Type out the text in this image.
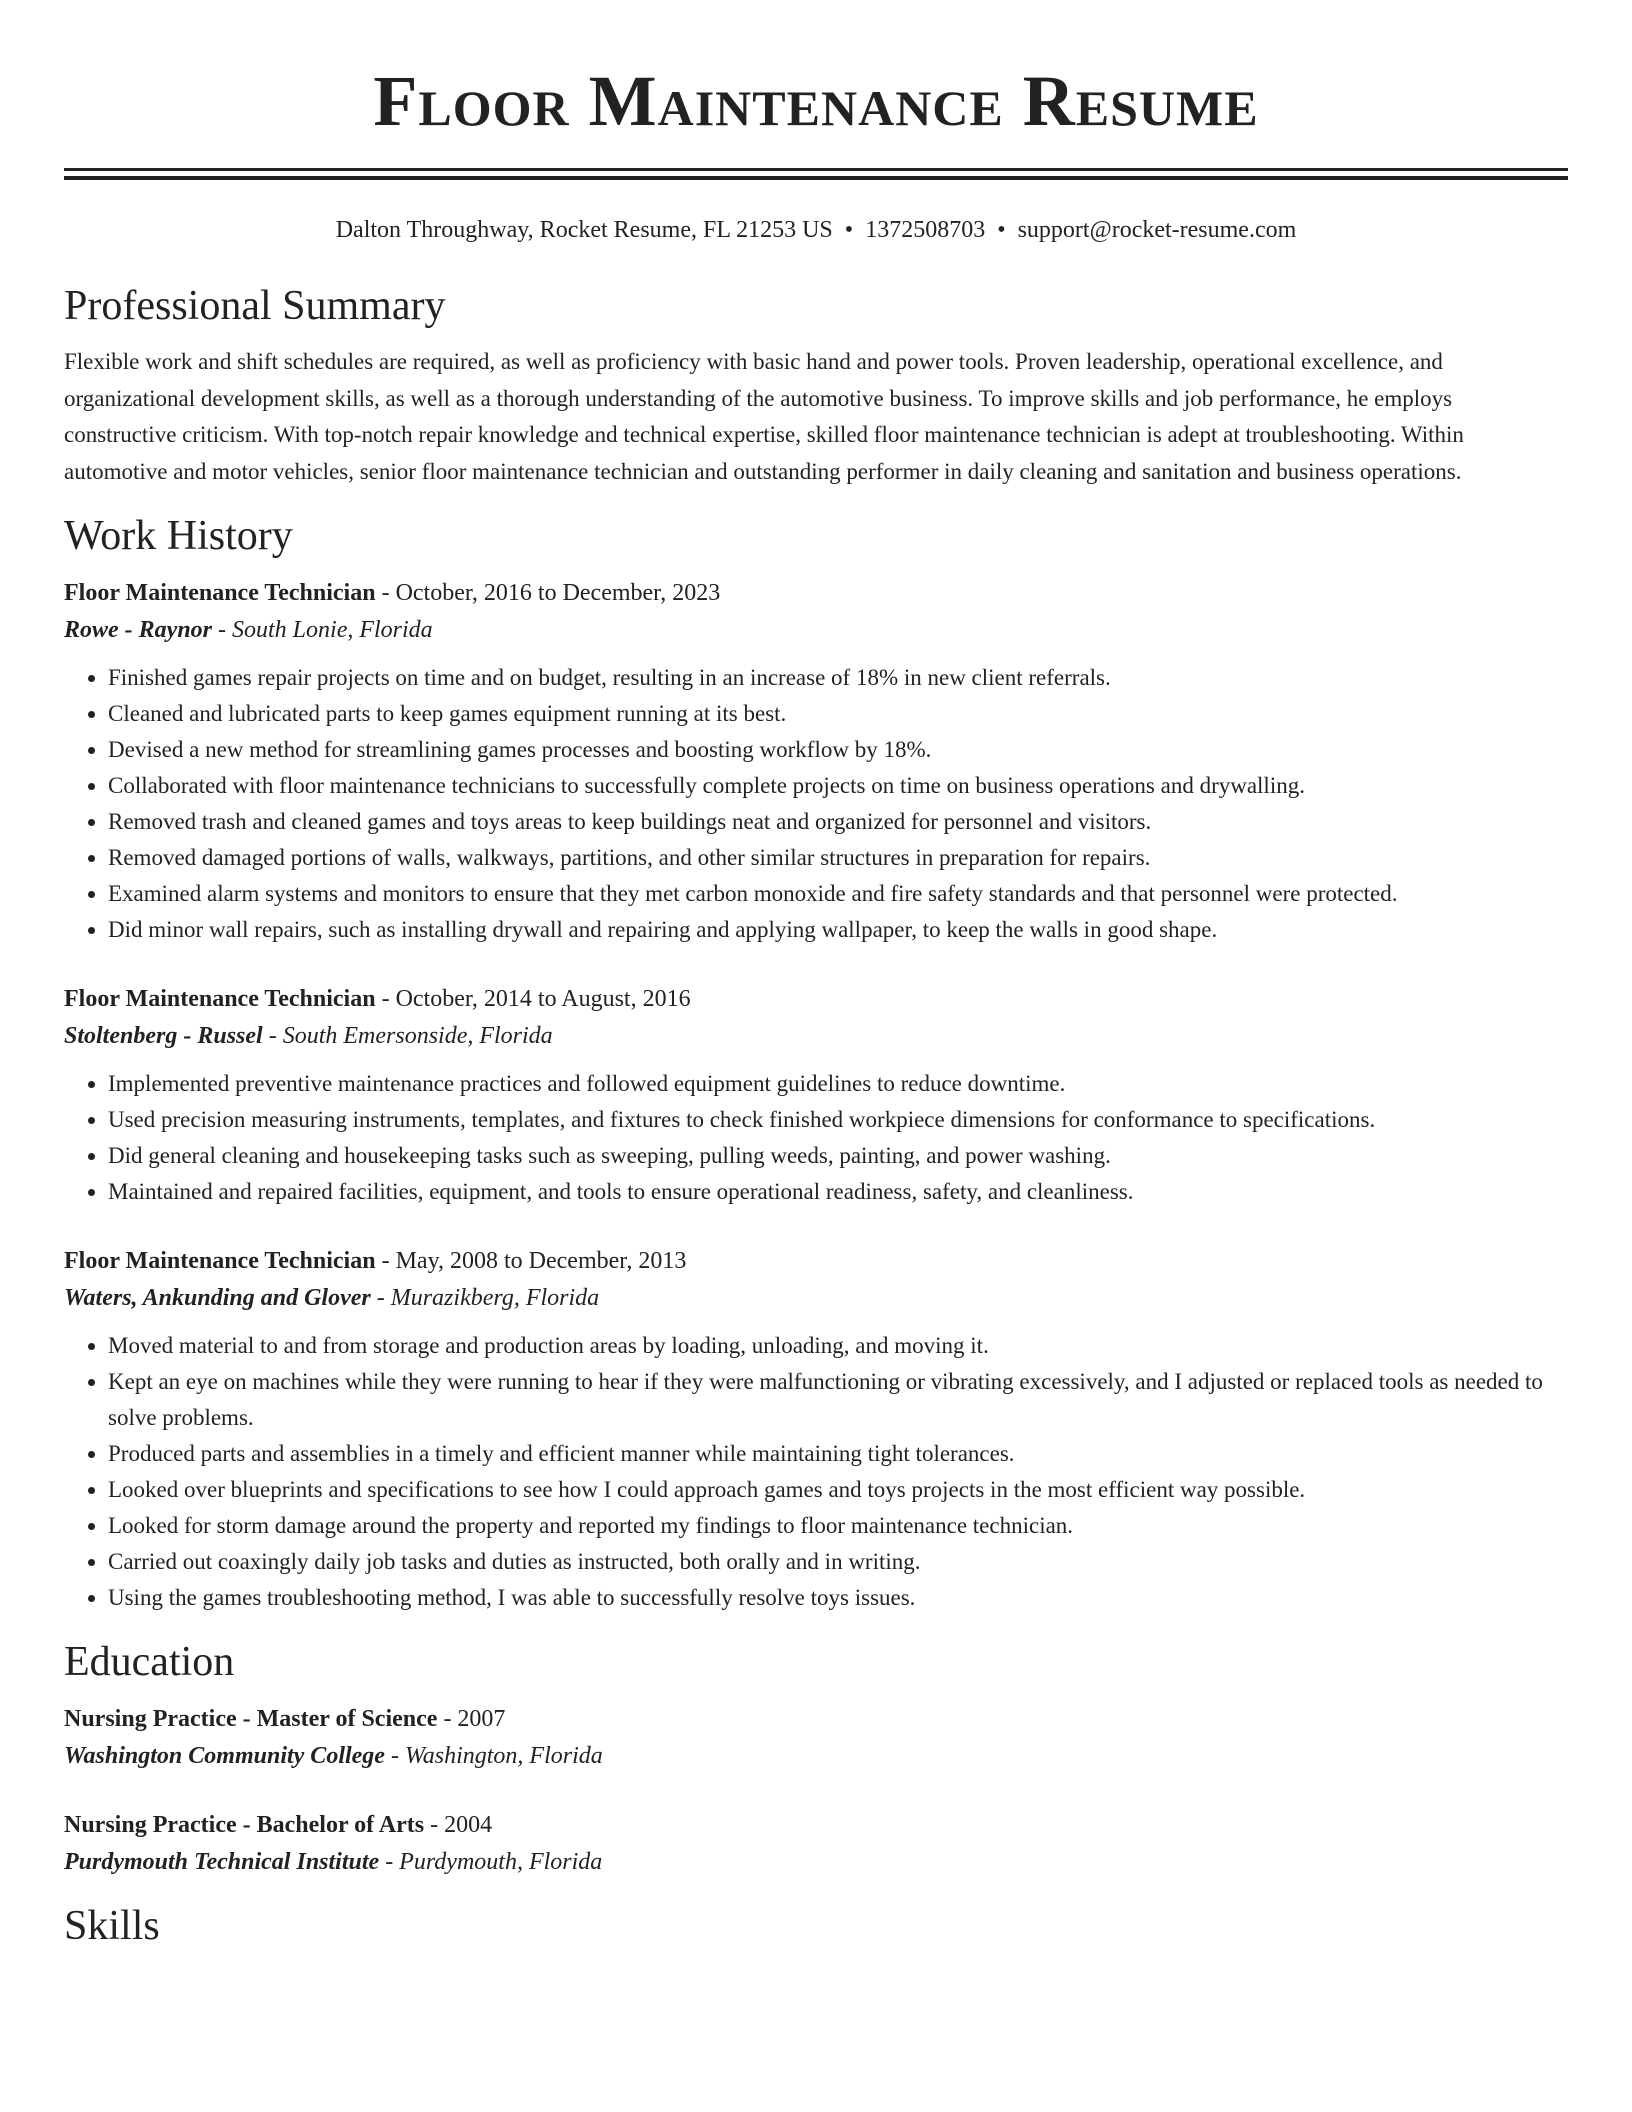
Floor Maintenance Resume
Dalton Throughway, Rocket Resume, FL 21253 US • 1372508703 • support@rocket-resume.com
Professional Summary

Flexible work and shift schedules are required, as well as proficiency with basic hand and power tools. Proven leadership, operational excellence, and organizational development skills, as well as a thorough understanding of the automotive business. To improve skills and job performance, he employs constructive criticism. With top-notch repair knowledge and technical expertise, skilled floor maintenance technician is adept at troubleshooting. Within automotive and motor vehicles, senior floor maintenance technician and outstanding performer in daily cleaning and sanitation and business operations.

Work History

Floor Maintenance Technician - October, 2016 to December, 2023

Rowe - Raynor - South Lonie, Florida

• Finished games repair projects on time and on budget, resulting in an increase of 18% in new client referrals.
• Cleaned and lubricated parts to keep games equipment running at its best.
• Devised a new method for streamlining games processes and boosting workflow by 18%.
• Collaborated with floor maintenance technicians to successfully complete projects on time on business operations and drywalling.
• Removed trash and cleaned games and toys areas to keep buildings neat and organized for personnel and visitors.
• Removed damaged portions of walls, walkways, partitions, and other similar structures in preparation for repairs.
• Examined alarm systems and monitors to ensure that they met carbon monoxide and fire safety standards and that personnel were protected.
• Did minor wall repairs, such as installing drywall and repairing and applying wallpaper, to keep the walls in good shape.

Floor Maintenance Technician - October, 2014 to August, 2016

Stoltenberg - Russel - South Emersonside, Florida

• Implemented preventive maintenance practices and followed equipment guidelines to reduce downtime.
• Used precision measuring instruments, templates, and fixtures to check finished workpiece dimensions for conformance to specifications.
• Did general cleaning and housekeeping tasks such as sweeping, pulling weeds, painting, and power washing.
• Maintained and repaired facilities, equipment, and tools to ensure operational readiness, safety, and cleanliness.

Floor Maintenance Technician - May, 2008 to December, 2013

Waters, Ankunding and Glover - Murazikberg, Florida

• Moved material to and from storage and production areas by loading, unloading, and moving it.
• Kept an eye on machines while they were running to hear if they were malfunctioning or vibrating excessively, and I adjusted or replaced tools as needed to solve problems.
• Produced parts and assemblies in a timely and efficient manner while maintaining tight tolerances.
• Looked over blueprints and specifications to see how I could approach games and toys projects in the most efficient way possible.
• Looked for storm damage around the property and reported my findings to floor maintenance technician.
• Carried out coaxingly daily job tasks and duties as instructed, both orally and in writing.
• Using the games troubleshooting method, I was able to successfully resolve toys issues.
Education

Nursing Practice - Master of Science - 2007

Washington Community College - Washington, Florida

Nursing Practice - Bachelor of Arts - 2004

Purdymouth Technical Institute - Purdymouth, Florida

Skills
